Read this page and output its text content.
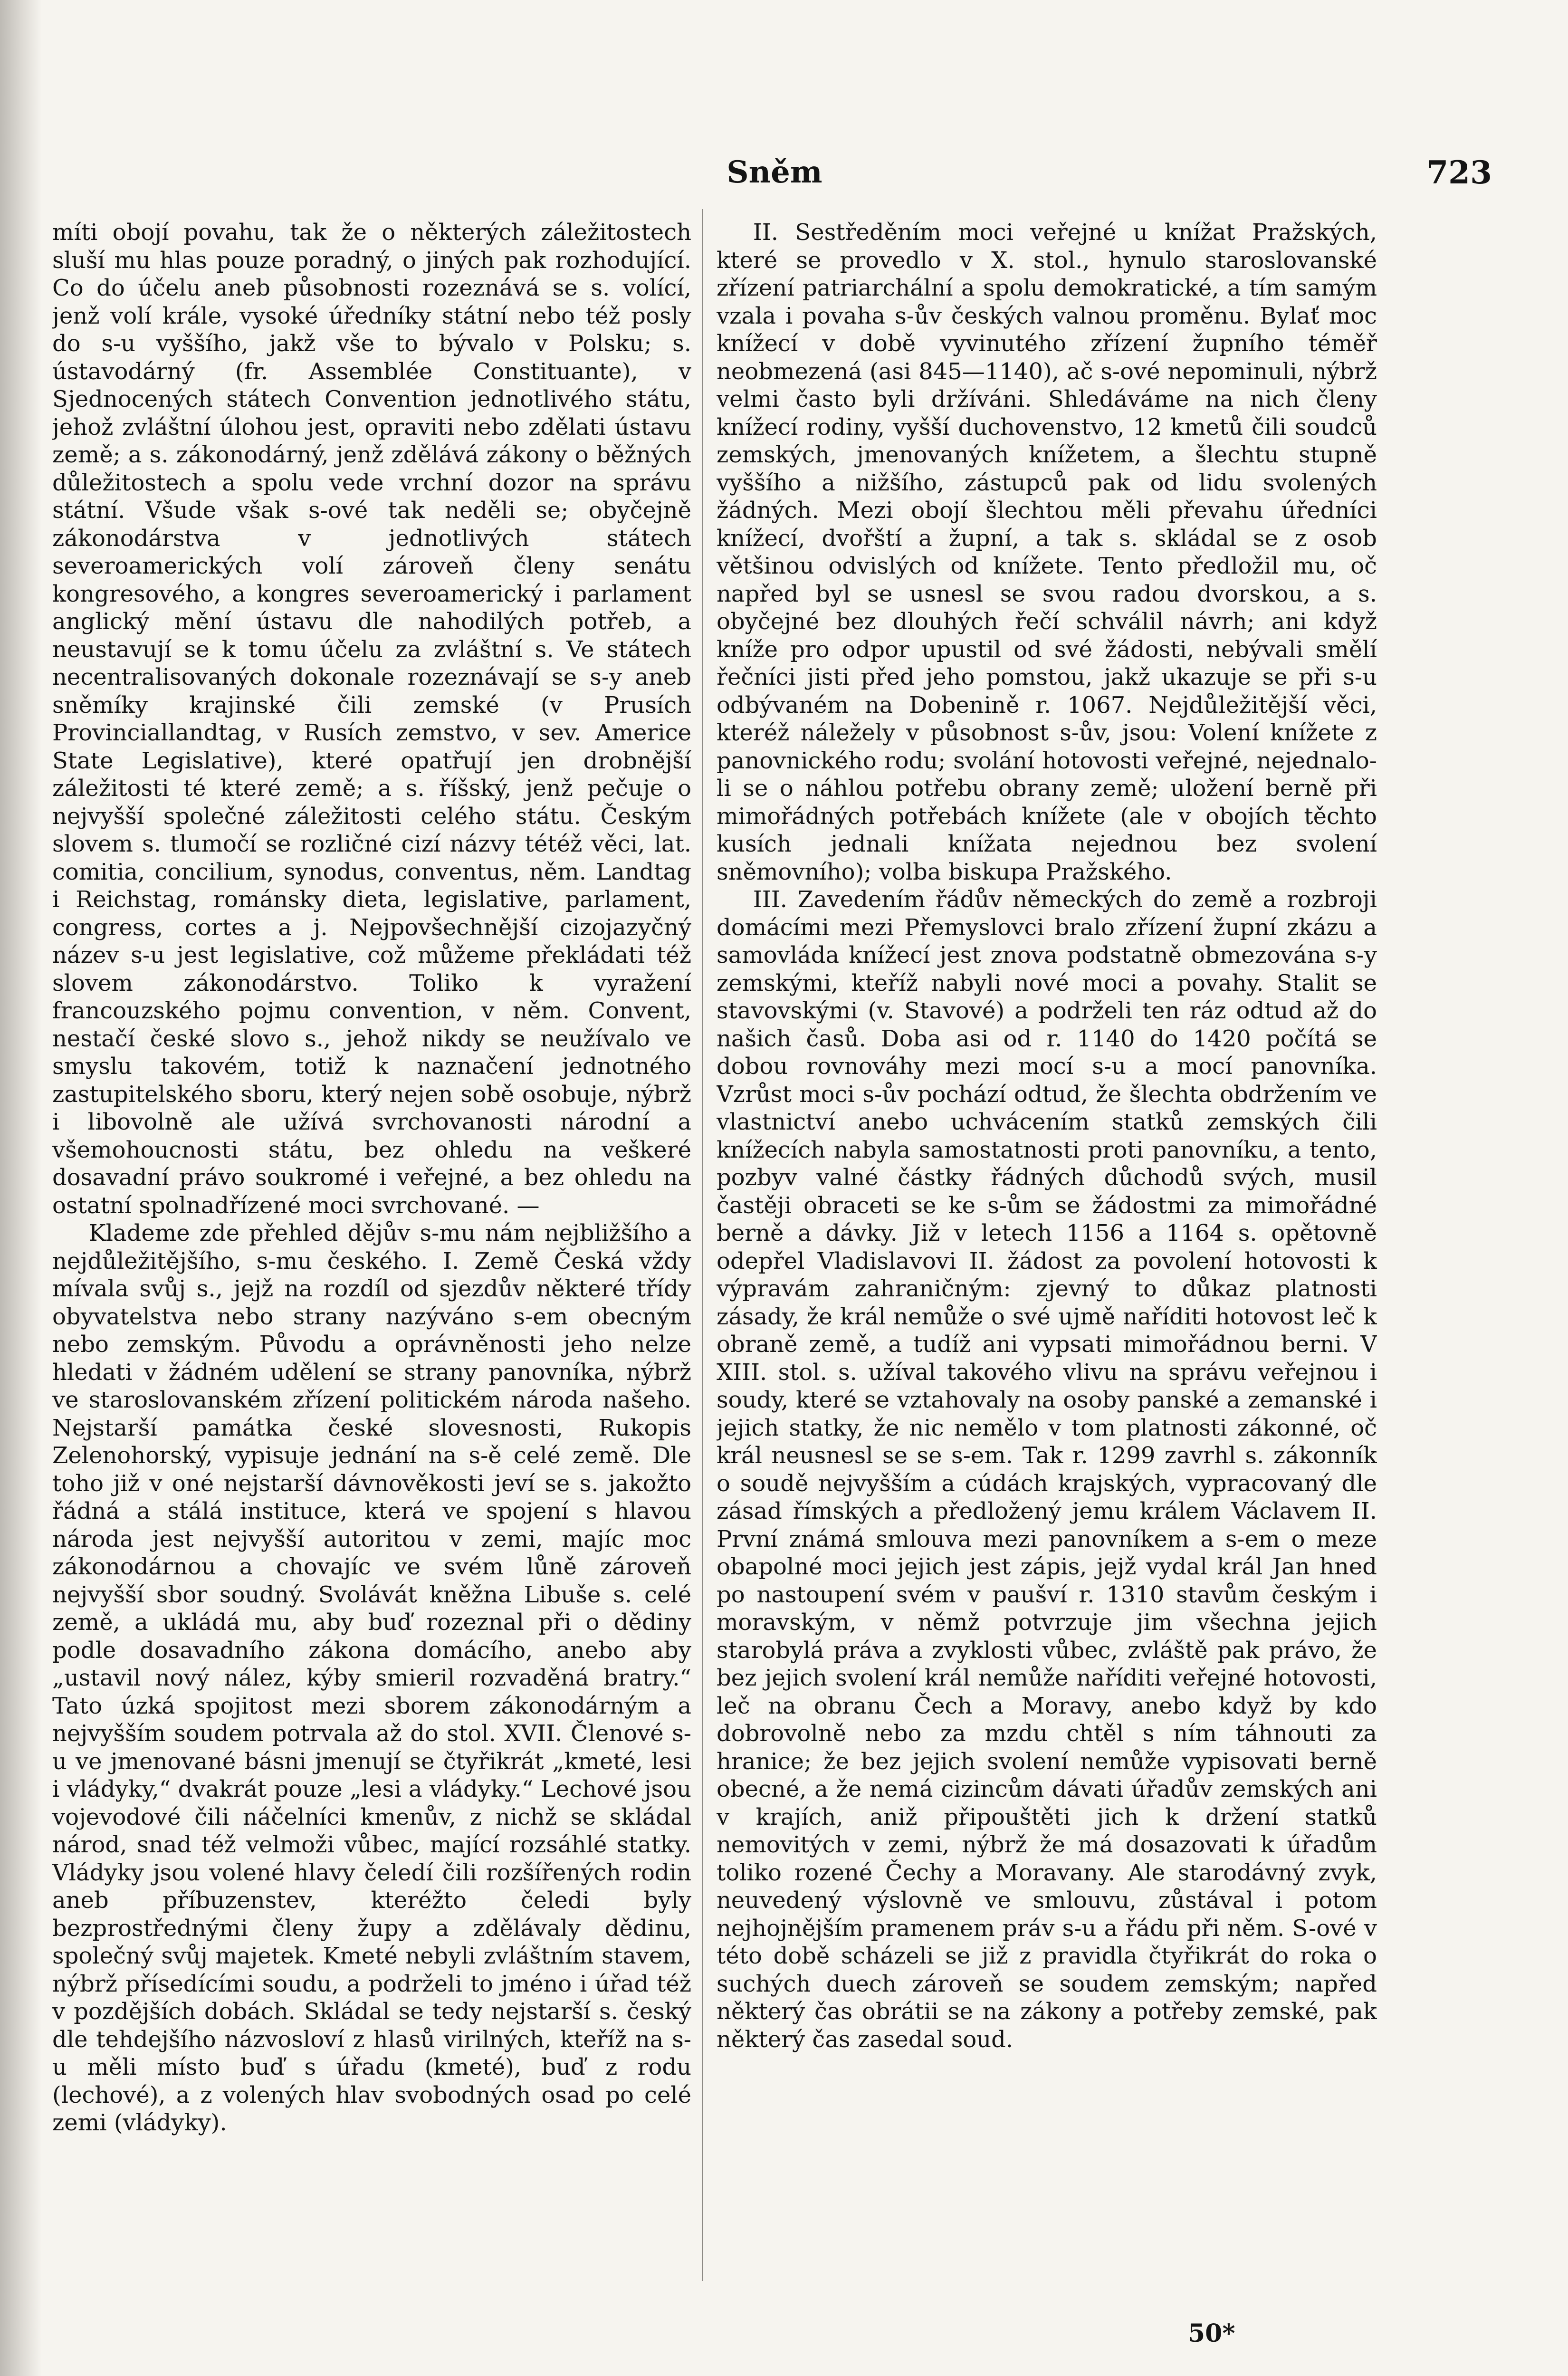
Sněm	723

míti obojí povahu, tak že o některých záležitostech sluší mu hlas pouze poradný, o jiných pak rozhodující. Co do účelu aneb působnosti rozeznává se s. volící, jenž volí krále, vysoké úředníky státní nebo též posly do s-u vyššího, jakž vše to bývalo v Polsku; s. ústavodárný (fr. Assemblée Constituante), v Sjednocených státech Convention jednotlivého státu, jehož zvláštní úlohou jest, opraviti nebo zdělati ústavu země; a s. zákonodárný, jenž zdělává zákony o běžných důležitostech a spolu vede vrchní dozor na správu státní. Všude však s-ové tak neděli se; obyčejně zákonodárstva v jednotlivých státech severoamerických volí zároveň členy senátu kongresového, a kongres severoamerický i parlament anglický mění ústavu dle nahodilých potřeb, a neustavují se k tomu účelu za zvláštní s. Ve státech necentralisovaných dokonale rozeznávají se s-y aneb sněmíky krajinské čili zemské (v Prusích Provinciallandtag, v Rusích zemstvo, v sev. Americe State Legislative), které opatřují jen drobnější záležitosti té které země; a s. říšský, jenž pečuje o nejvyšší společné záležitosti celého státu. Českým slovem s. tlumočí se rozličné cizí názvy tétéž věci, lat. comitia, concilium, synodus, conventus, něm. Landtag i Reichstag, románsky dieta, legislative, parlament, congress, cortes a j. Nejpovšechnější cizojazyčný název s-u jest legislative, což můžeme překládati též slovem zákonodárstvo. Toliko k vyražení francouzského pojmu convention, v něm. Convent, nestačí české slovo s., jehož nikdy se neužívalo ve smyslu takovém, totiž k naznačení jednotného zastupitelského sboru, který nejen sobě osobuje, nýbrž i libovolně ale užívá svrchovanosti národní a všemohoucnosti státu, bez ohledu na veškeré dosavadní právo soukromé i veřejné, a bez ohledu na ostatní spolnadřízené moci svrchované. —

Klademe zde přehled dějův s-mu nám nejbližšího a nejdůležitějšího, s-mu českého. I. Země Česká vždy mívala svůj s., jejž na rozdíl od sjezdův některé třídy obyvatelstva nebo strany nazýváno s-em obecným nebo zemským. Původu a oprávněnosti jeho nelze hledati v žádném udělení se strany panovníka, nýbrž ve staroslovanském zřízení politickém národa našeho. Nejstarší památka české slovesnosti, Rukopis Zelenohorský, vypisuje jednání na s-ě celé země. Dle toho již v oné nejstarší dávnověkosti jeví se s. jakožto řádná a stálá instituce, která ve spojení s hlavou národa jest nejvyšší autoritou v zemi, majíc moc zákonodárnou a chovajíc ve svém lůně zároveň nejvyšší sbor soudný. Svolávát kněžna Libuše s. celé země, a ukládá mu, aby buď rozeznal při o dědiny podle dosavadního zákona domácího, anebo aby „ustavil nový nález, kýby smieril rozvaděná bratry.“ Tato úzká spojitost mezi sborem zákonodárným a nejvyšším soudem potrvala až do stol. XVII. Členové s-u ve jmenované básni jmenují se čtyřikrát „kmeté, lesi i vládyky,“ dvakrát pouze „lesi a vládyky.“ Lechové jsou vojevodové čili náčelníci kmenův, z nichž se skládal národ, snad též velmoži vůbec, mající rozsáhlé statky. Vládyky jsou volené hlavy čeledí čili rozšířených rodin aneb příbuzenstev, kteréžto čeledi byly bezprostřednými členy župy a zdělávaly dědinu, společný svůj majetek. Kmeté nebyli zvláštním stavem, nýbrž přísedícími soudu, a podrželi to jméno i úřad též v pozdějších dobách. Skládal se tedy nejstarší s. český dle tehdejšího názvosloví z hlasů virilných, kteříž na s-u měli místo buď s úřadu (kmeté), buď z rodu (lechové), a z volených hlav svobodných osad po celé zemi (vládyky).

II. Sestředěním moci veřejné u knížat Pražských, které se provedlo v X. stol., hynulo staroslovanské zřízení patriarchální a spolu demokratické, a tím samým vzala i povaha s-ův českých valnou proměnu. Bylať moc knížecí v době vyvinutého zřízení župního téměř neobmezená (asi 845—1140), ač s-ové nepominuli, nýbrž velmi často byli držíváni. Shledáváme na nich členy knížecí rodiny, vyšší duchovenstvo, 12 kmetů čili soudců zemských, jmenovaných knížetem, a šlechtu stupně vyššího a nižšího, zástupců pak od lidu svolených žádných. Mezi obojí šlechtou měli převahu úředníci knížecí, dvořští a župní, a tak s. skládal se z osob většinou odvislých od knížete. Tento předložil mu, oč napřed byl se usnesl se svou radou dvorskou, a s. obyčejné bez dlouhých řečí schválil návrh; ani když kníže pro odpor upustil od své žádosti, nebývali smělí řečníci jisti před jeho pomstou, jakž ukazuje se při s-u odbývaném na Dobenině r. 1067. Nejdůležitější věci, kteréž náležely v působnost s-ův, jsou: Volení knížete z panovnického rodu; svolání hotovosti veřejné, nejednalo-li se o náhlou potřebu obrany země; uložení berně při mimořádných potřebách knížete (ale v obojích těchto kusích jednali knížata nejednou bez svolení sněmovního); volba biskupa Pražského.

III. Zavedením řádův německých do země a rozbroji domácími mezi Přemyslovci bralo zřízení župní zkázu a samovláda knížecí jest znova podstatně obmezována s-y zemskými, kteříž nabyli nové moci a povahy. Stalit se stavovskými (v. Stavové) a podrželi ten ráz odtud až do našich časů. Doba asi od r. 1140 do 1420 počítá se dobou rovnováhy mezi mocí s-u a mocí panovníka. Vzrůst moci s-ův pochází odtud, že šlechta obdržením ve vlastnictví anebo uchvácením statků zemských čili knížecích nabyla samostatnosti proti panovníku, a tento, pozbyv valné částky řádných důchodů svých, musil častěji obraceti se ke s-ům se žádostmi za mimořádné berně a dávky. Již v letech 1156 a 1164 s. opětovně odepřel Vladislavovi II. žádost za povolení hotovosti k výpravám zahraničným: zjevný to důkaz platnosti zásady, že král nemůže o své ujmě naříditi hotovost leč k obraně země, a tudíž ani vypsati mimořádnou berni. V XIII. stol. s. užíval takového vlivu na správu veřejnou i soudy, které se vztahovaly na osoby panské a zemanské i jejich statky, že nic nemělo v tom platnosti zákonné, oč král neusnesl se se s-em. Tak r. 1299 zavrhl s. zákonník o soudě nejvyšším a cúdách krajských, vypracovaný dle zásad římských a předložený jemu králem Václavem II. První známá smlouva mezi panovníkem a s-em o meze obapolné moci jejich jest zápis, jejž vydal král Jan hned po nastoupení svém v paušví r. 1310 stavům českým i moravským, v němž potvrzuje jim všechna jejich starobylá práva a zvyklosti vůbec, zvláště pak právo, že bez jejich svolení král nemůže naříditi veřejné hotovosti, leč na obranu Čech a Moravy, anebo když by kdo dobrovolně nebo za mzdu chtěl s ním táhnouti za hranice; že bez jejich svolení nemůže vypisovati berně obecné, a že nemá cizincům dávati úřadův zemských ani v krajích, aniž připouštěti jich k držení statků nemovitých v zemi, nýbrž že má dosazovati k úřadům toliko rozené Čechy a Moravany. Ale starodávný zvyk, neuvedený výslovně ve smlouvu, zůstával i potom nejhojnějším pramenem práv s-u a řádu při něm. S-ové v této době scházeli se již z pravidla čtyřikrát do roka o suchých duech zároveň se soudem zemským; napřed některý čas obrátii se na zákony a potřeby zemské, pak některý čas zasedal soud.

50*
